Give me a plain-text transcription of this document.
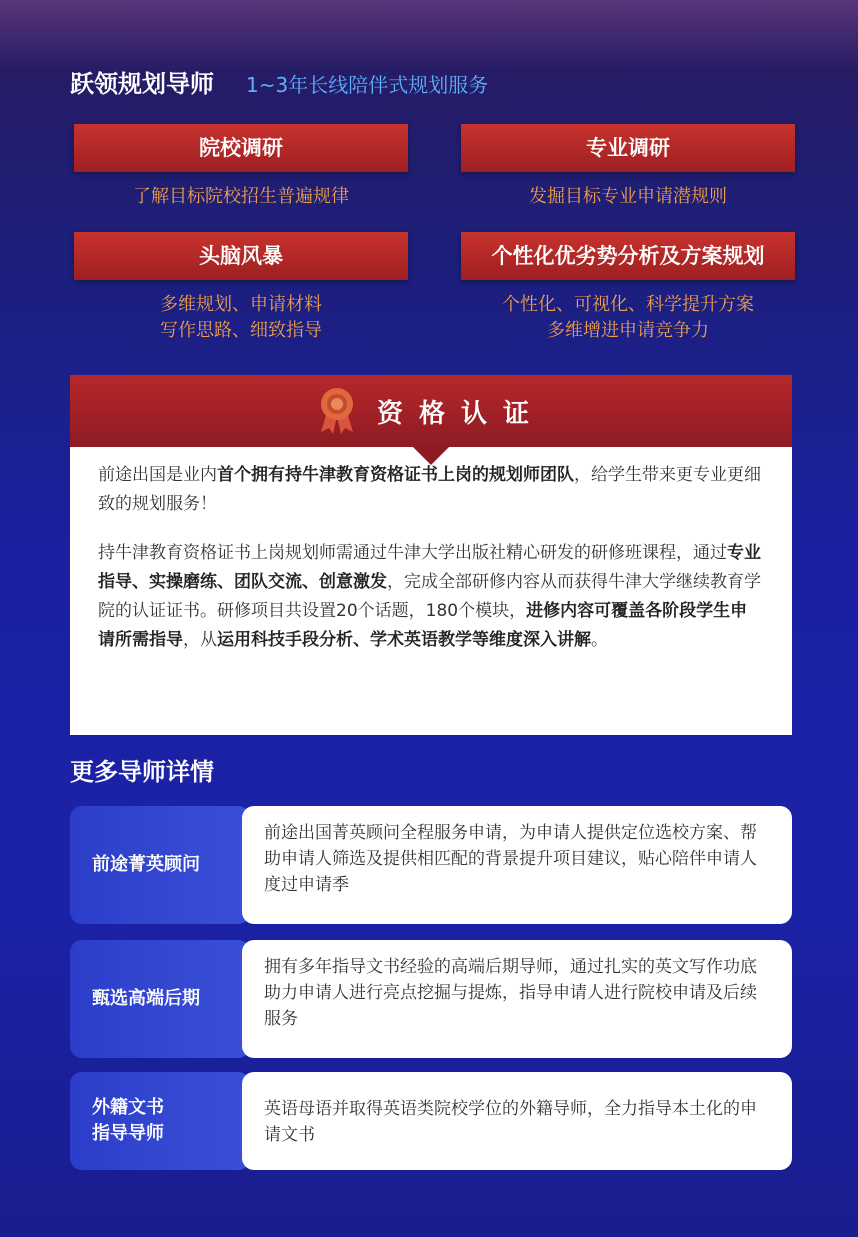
跃领规划导师 1~3年长线陪伴式规划服务
院校调研
了解目标院校招生普遍规律
专业调研
发掘目标专业申请潜规则
头脑风暴
多维规划、申请材料
写作思路、细致指导
个性化优劣势分析及方案规划
个性化、可视化、科学提升方案
多维增进申请竞争力
资格认证

前途出国是业内首个拥有持牛津教育资格证书上岗的规划师团队，给学生带来更专业更细致的规划服务！

持牛津教育资格证书上岗规划师需通过牛津大学出版社精心研发的研修班课程，通过专业指导、实操磨练、团队交流、创意激发，完成全部研修内容从而获得牛津大学继续教育学院的认证证书。研修项目共设置20个话题，180个模块，进修内容可覆盖各阶段学生申请所需指导，从运用科技手段分析、学术英语教学等维度深入讲解。

更多导师详情
前途菁英顾问
前途出国菁英顾问全程服务申请，为申请人提供定位选校方案、帮助申请人筛选及提供相匹配的背景提升项目建议，贴心陪伴申请人度过申请季
甄选高端后期
拥有多年指导文书经验的高端后期导师，通过扎实的英文写作功底助力申请人进行亮点挖掘与提炼，指导申请人进行院校申请及后续服务
外籍文书
指导导师
英语母语并取得英语类院校学位的外籍导师，全力指导本土化的申请文书
